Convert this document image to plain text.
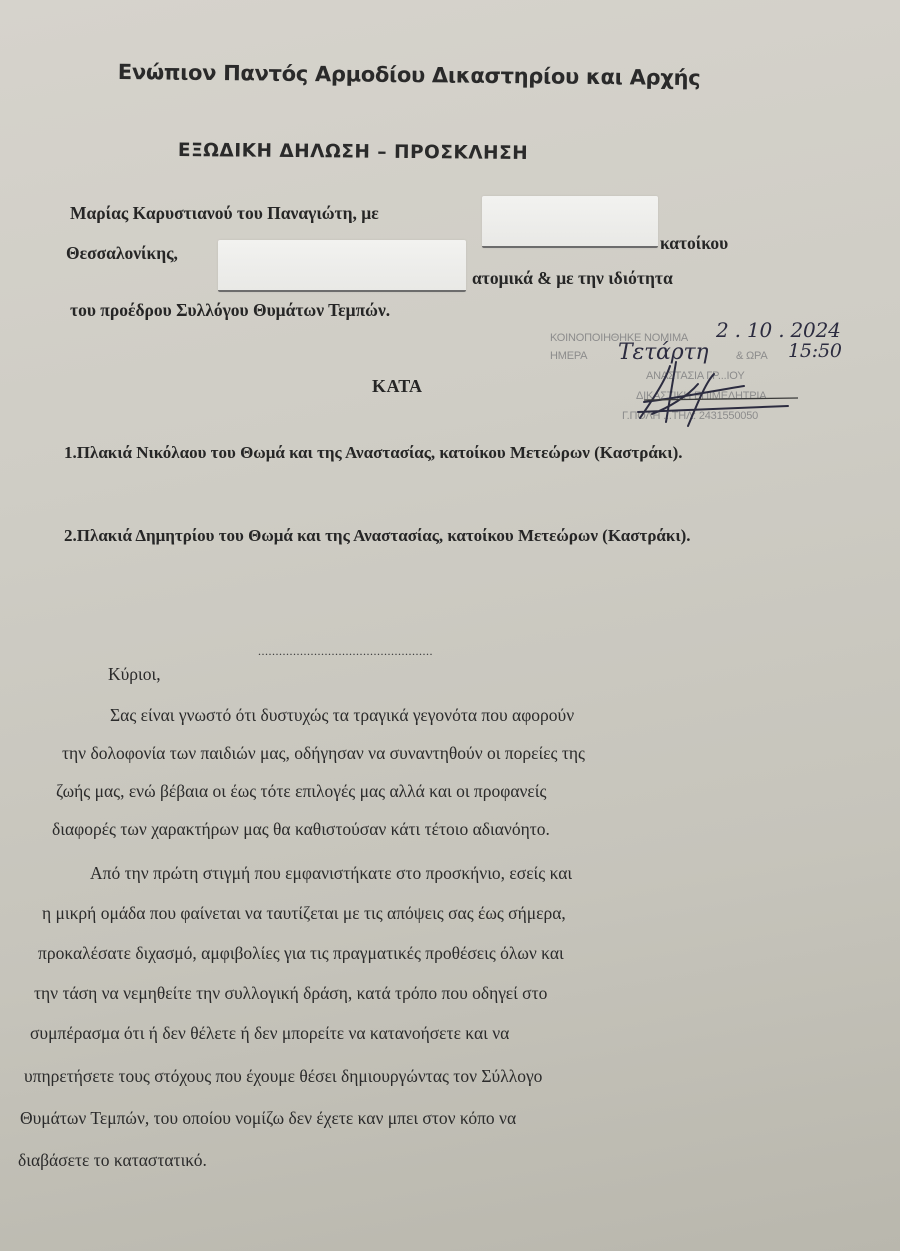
Ενώπιον Παντός Αρμοδίου Δικαστηρίου και Αρχής
ΕΞΩΔΙΚΗ ΔΗΛΩΣΗ – ΠΡΟΣΚΛΗΣΗ
Μαρίας Καρυστιανού του Παναγιώτη, με
κατοίκου
Θεσσαλονίκης,
ατομικά & με την ιδιότητα
του προέδρου Συλλόγου Θυμάτων Τεμπών.
ΚΟΙΝΟΠΟΙΗΘΗΚΕ ΝΟΜΙΜΑ 2 . 10 . 2024
ΗΜΕΡΑ Τετάρτη	& ΩΡΑ 15:50
ΑΝΑΣΤΑΣΙΑ ΓΡ...ΙΟΥ
ΔΙΚΑΣΤΙΚΗ ΕΠΙΜΕΛΗΤΡΙΑ
Γ.ΠΟΛΗ ...ΤΗΛ: 2431550050
ΚΑΤΑ
1.Πλακιά Νικόλαου του Θωμά και της Αναστασίας, κατοίκου Μετεώρων (Καστράκι).
2.Πλακιά Δημητρίου του Θωμά και της Αναστασίας, κατοίκου Μετεώρων (Καστράκι).
..................................................
Κύριοι,
Σας είναι γνωστό ότι δυστυχώς τα τραγικά γεγονότα που αφορούν
την δολοφονία των παιδιών μας, οδήγησαν να συναντηθούν οι πορείες της
ζωής μας, ενώ βέβαια οι έως τότε επιλογές μας αλλά και οι προφανείς
διαφορές των χαρακτήρων μας θα καθιστούσαν κάτι τέτοιο αδιανόητο.
Από την πρώτη στιγμή που εμφανιστήκατε στο προσκήνιο, εσείς και
η μικρή ομάδα που φαίνεται να ταυτίζεται με τις απόψεις σας έως σήμερα,
προκαλέσατε διχασμό, αμφιβολίες για τις πραγματικές προθέσεις όλων και
την τάση να νεμηθείτε την συλλογική δράση, κατά τρόπο που οδηγεί στο
συμπέρασμα ότι ή δεν θέλετε ή δεν μπορείτε να κατανοήσετε και να
υπηρετήσετε τους στόχους που έχουμε θέσει δημιουργώντας τον Σύλλογο
Θυμάτων Τεμπών, του οποίου νομίζω δεν έχετε καν μπει στον κόπο να
διαβάσετε το καταστατικό.
